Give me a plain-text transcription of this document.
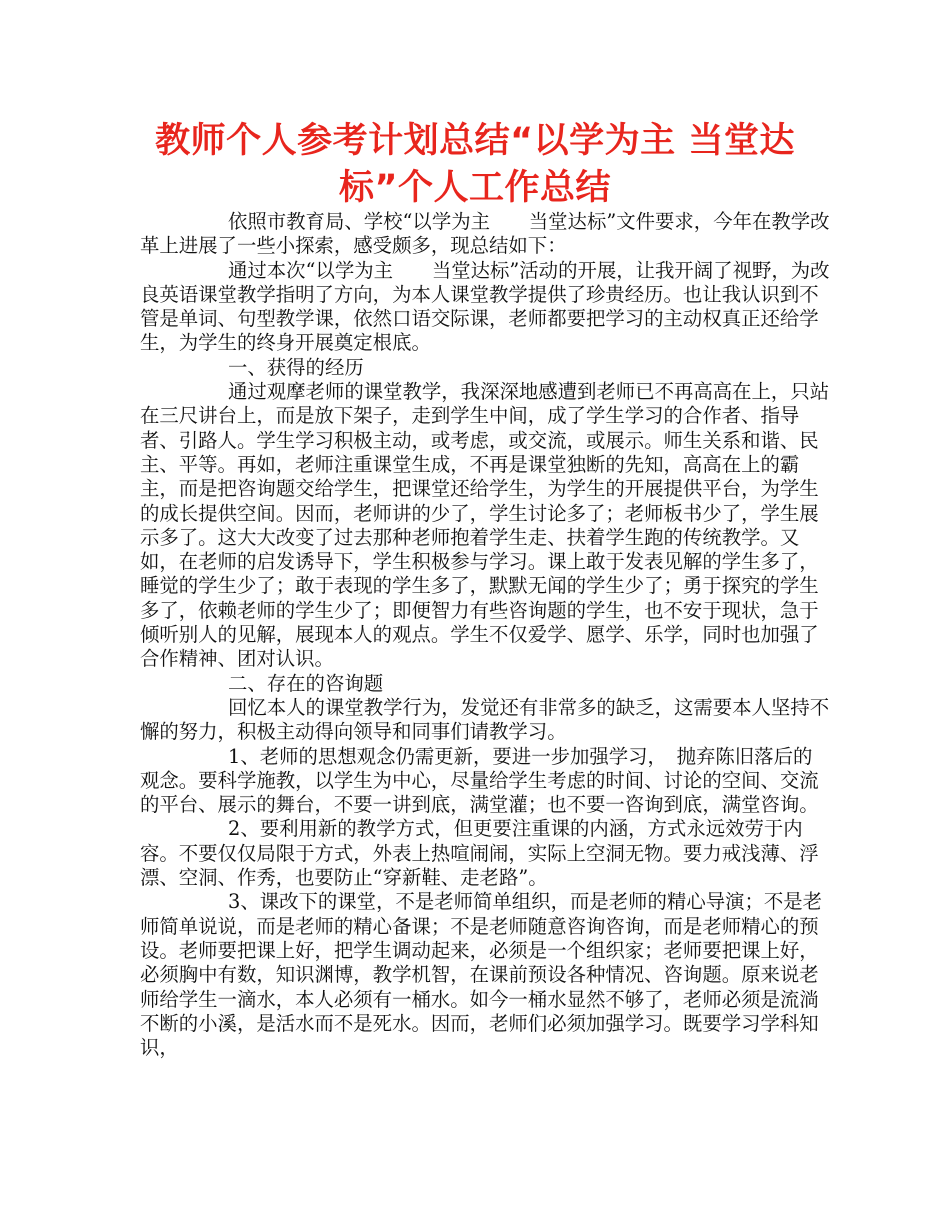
教师个人参考计划总结“以学为主 当堂达
标”个人工作总结

依照市教育局、学校“以学为主　　当堂达标”文件要求，今年在教学改革上进展了一些小探索，感受颇多，现总结如下：

通过本次“以学为主　　当堂达标”活动的开展，让我开阔了视野，为改良英语课堂教学指明了方向，为本人课堂教学提供了珍贵经历。也让我认识到不管是单词、句型教学课，依然口语交际课，老师都要把学习的主动权真正还给学生，为学生的终身开展奠定根底。

一、获得的经历

通过观摩老师的课堂教学，我深深地感遭到老师已不再高高在上，只站在三尺讲台上，而是放下架子，走到学生中间，成了学生学习的合作者、指导者、引路人。学生学习积极主动，或考虑，或交流，或展示。师生关系和谐、民主、平等。再如，老师注重课堂生成，不再是课堂独断的先知，高高在上的霸主，而是把咨询题交给学生，把课堂还给学生，为学生的开展提供平台，为学生的成长提供空间。因而，老师讲的少了，学生讨论多了；老师板书少了，学生展示多了。这大大改变了过去那种老师抱着学生走、扶着学生跑的传统教学。又如，在老师的启发诱导下，学生积极参与学习。课上敢于发表见解的学生多了，睡觉的学生少了；敢于表现的学生多了，默默无闻的学生少了；勇于探究的学生多了，依赖老师的学生少了；即便智力有些咨询题的学生，也不安于现状，急于倾听别人的见解，展现本人的观点。学生不仅爱学、愿学、乐学，同时也加强了合作精神、团对认识。

二、存在的咨询题

回忆本人的课堂教学行为，发觉还有非常多的缺乏，这需要本人坚持不懈的努力，积极主动得向领导和同事们请教学习。

1、老师的思想观念仍需更新，要进一步加强学习，　抛弃陈旧落后的观念。要科学施教，以学生为中心，尽量给学生考虑的时间、讨论的空间、交流的平台、展示的舞台，不要一讲到底，满堂灌；也不要一咨询到底，满堂咨询。

2、要利用新的教学方式，但更要注重课的内涵，方式永远效劳于内容。不要仅仅局限于方式，外表上热喧闹闹，实际上空洞无物。要力戒浅薄、浮漂、空洞、作秀，也要防止“穿新鞋、走老路”。

3、课改下的课堂，不是老师简单组织，而是老师的精心导演；不是老师简单说说，而是老师的精心备课；不是老师随意咨询咨询，而是老师精心的预设。老师要把课上好，把学生调动起来，必须是一个组织家；老师要把课上好，必须胸中有数，知识渊博，教学机智，在课前预设各种情况、咨询题。原来说老师给学生一滴水，本人必须有一桶水。如今一桶水显然不够了，老师必须是流淌不断的小溪，是活水而不是死水。因而，老师们必须加强学习。既要学习学科知识，
